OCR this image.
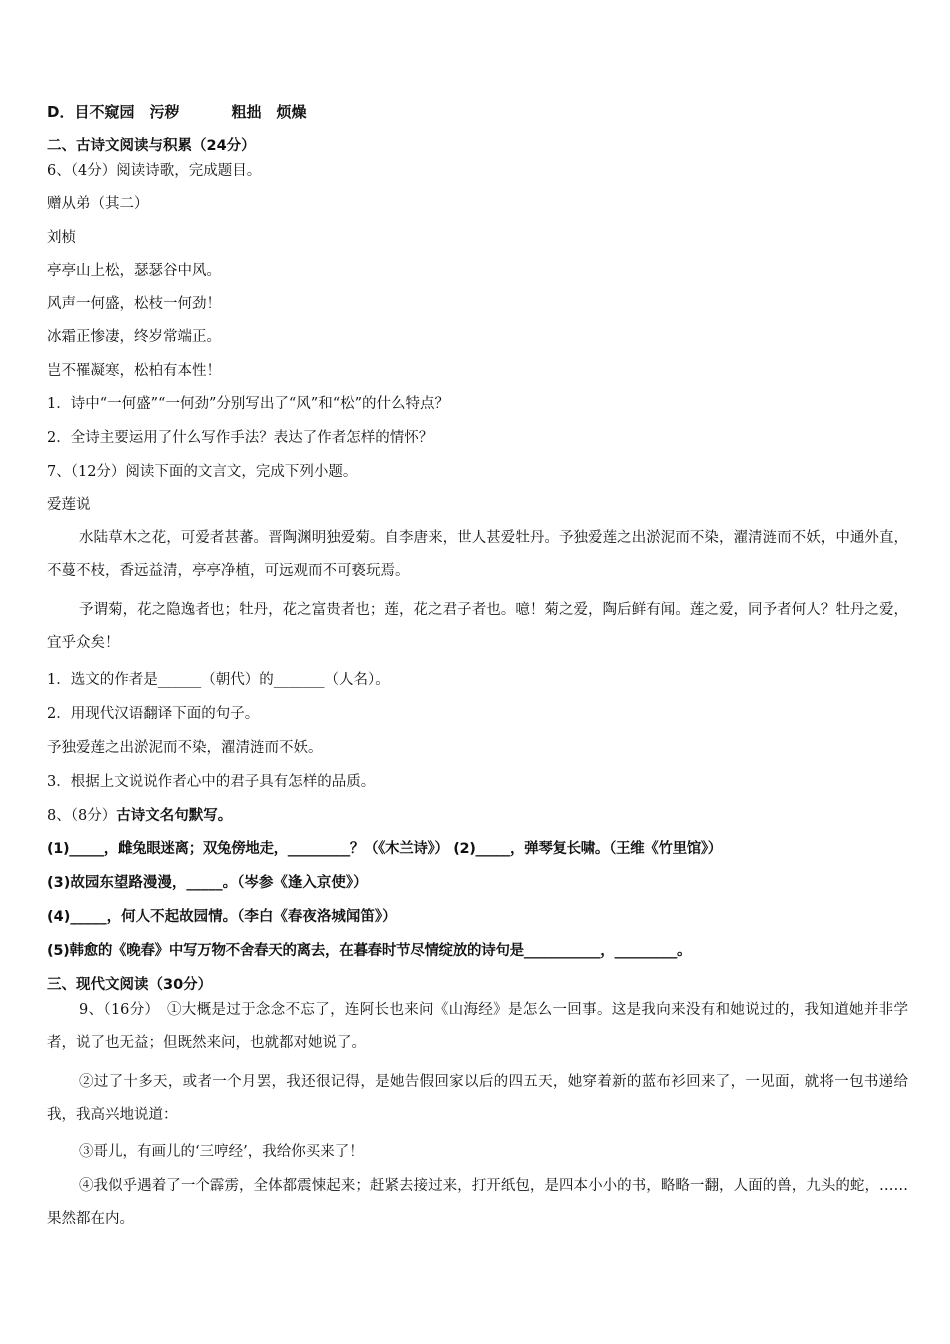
D．目不窥园　污秽	粗拙　烦燥
二、古诗文阅读与积累（24分）
6、（4分）阅读诗歌，完成题目。
赠从弟（其二）
刘桢
亭亭山上松，瑟瑟谷中风。
风声一何盛，松枝一何劲！
冰霜正惨凄，终岁常端正。
岂不罹凝寒，松柏有本性！
1．诗中“一何盛”“一何劲”分别写出了“风”和“松”的什么特点？
2．全诗主要运用了什么写作手法？表达了作者怎样的情怀？
7、（12分）阅读下面的文言文，完成下列小题。
爱莲说
水陆草木之花，可爱者甚蕃。晋陶渊明独爱菊。自李唐来，世人甚爱牡丹。予独爱莲之出淤泥而不染，濯清涟而不妖，中通外直，不蔓不枝，香远益清，亭亭净植，可远观而不可亵玩焉。
予谓菊，花之隐逸者也；牡丹，花之富贵者也；莲，花之君子者也。噫！菊之爱，陶后鲜有闻。莲之爱，同予者何人？牡丹之爱，宜乎众矣！
1．选文的作者是______（朝代）的_______（人名）。
2．用现代汉语翻译下面的句子。
予独爱莲之出淤泥而不染，濯清涟而不妖。
3．根据上文说说作者心中的君子具有怎样的品质。
8、（8分）古诗文名句默写。
(1)_____，雌兔眼迷离；双兔傍地走，_________？（《木兰诗》） (2)_____，弹琴复长啸。（王维《竹里馆》）
(3)故园东望路漫漫，_____。（岑参《逢入京使》）
(4)_____，何人不起故园情。（李白《春夜洛城闻笛》）
(5)韩愈的《晚春》中写万物不舍春天的离去，在暮春时节尽情绽放的诗句是___________，_________。
三、现代文阅读（30分）
9、（16分）　①大概是过于念念不忘了，连阿长也来问《山海经》是怎么一回事。这是我向来没有和她说过的，我知道她并非学者，说了也无益；但既然来问，也就都对她说了。
②过了十多天，或者一个月罢，我还很记得，是她告假回家以后的四五天，她穿着新的蓝布衫回来了，一见面，就将一包书递给我，我高兴地说道：
③哥儿，有画儿的‘三哼经’，我给你买来了！
④我似乎遇着了一个霹雳，全体都震悚起来；赶紧去接过来，打开纸包，是四本小小的书，略略一翻，人面的兽，九头的蛇，……果然都在内。
